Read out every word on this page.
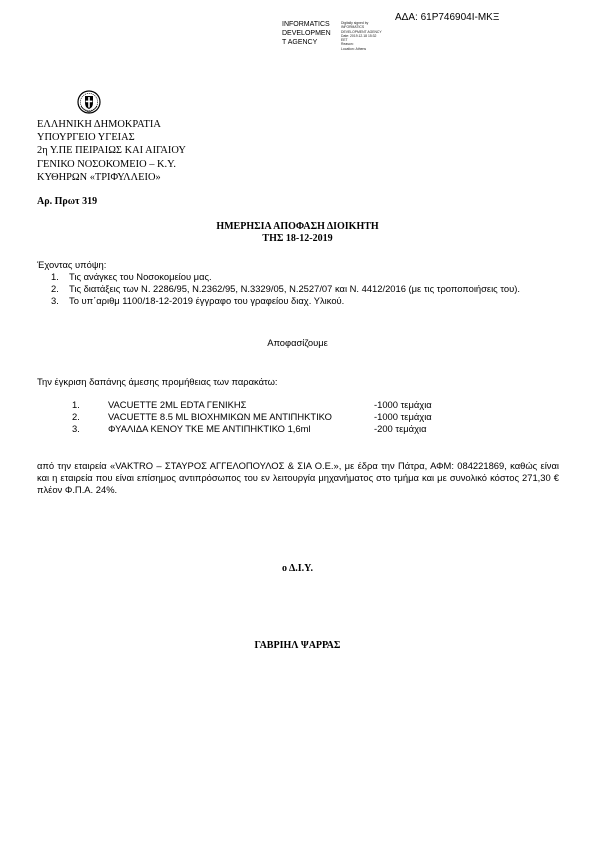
ΑΔΑ: 61Ρ746904Ι-ΜΚΞ
INFORMATICS
DEVELOPMEN
T AGENCY
Digitally signed by
INFORMATICS
DEVELOPMENT AGENCY
Date: 2019.12.18 15:32
EET
Reason:
Location: Athens
ΕΛΛΗΝΙΚΗ ΔΗΜΟΚΡΑΤΙΑ
ΥΠΟΥΡΓΕΙΟ ΥΓΕΙΑΣ
2η Υ.ΠΕ ΠΕΙΡΑΙΩΣ ΚΑΙ ΑΙΓΑΙΟΥ
ΓΕΝΙΚΟ ΝΟΣΟΚΟΜΕΙΟ – Κ.Υ.
ΚΥΘΗΡΩΝ «ΤΡΙΦΥΛΛΕΙΟ»
Αρ. Πρωτ 319
ΗΜΕΡΗΣΙΑ ΑΠΟΦΑΣΗ ΔΙΟΙΚΗΤΗ
ΤΗΣ 18-12-2019
Έχοντας υπόψη:
1.	Τις ανάγκες του Νοσοκομείου μας.
2.	Τις διατάξεις των Ν. 2286/95, Ν.2362/95, Ν.3329/05, Ν.2527/07 και Ν. 4412/2016 (με τις τροποποιήσεις του).
3.	Το υπ΄αριθμ 1100/18-12-2019 έγγραφο του γραφείου διαχ. Υλικού.
Αποφασίζουμε
Την έγκριση δαπάνης άμεσης προμήθειας των παρακάτω:
1.	VACUETTE 2ML EDTA ΓΕΝΙΚΗΣ	-1000 τεμάχια
2.	VACUETTE 8.5 ML ΒΙΟΧΗΜΙΚΩΝ ΜΕ ΑΝΤΙΠΗΚΤΙΚΟ	-1000 τεμάχια
3.	ΦΥΑΛΙΔΑ ΚΕΝΟΥ ΤΚΕ ΜΕ ΑΝΤΙΠΗΚΤΙΚΟ 1,6ml	-200 τεμάχια
από την εταιρεία «VAKTRO – ΣΤΑΥΡΟΣ ΑΓΓΕΛΟΠΟΥΛΟΣ & ΣΙΑ Ο.Ε.», με έδρα την Πάτρα, ΑΦΜ: 084221869, καθώς είναι και η εταιρεία που είναι επίσημος αντιπρόσωπος του εν λειτουργία μηχανήματος στο τμήμα και με συνολικό κόστος 271,30 € πλέον Φ.Π.Α. 24%.
ο Δ.Ι.Υ.
ΓΑΒΡΙΗΛ ΨΑΡΡΑΣ
